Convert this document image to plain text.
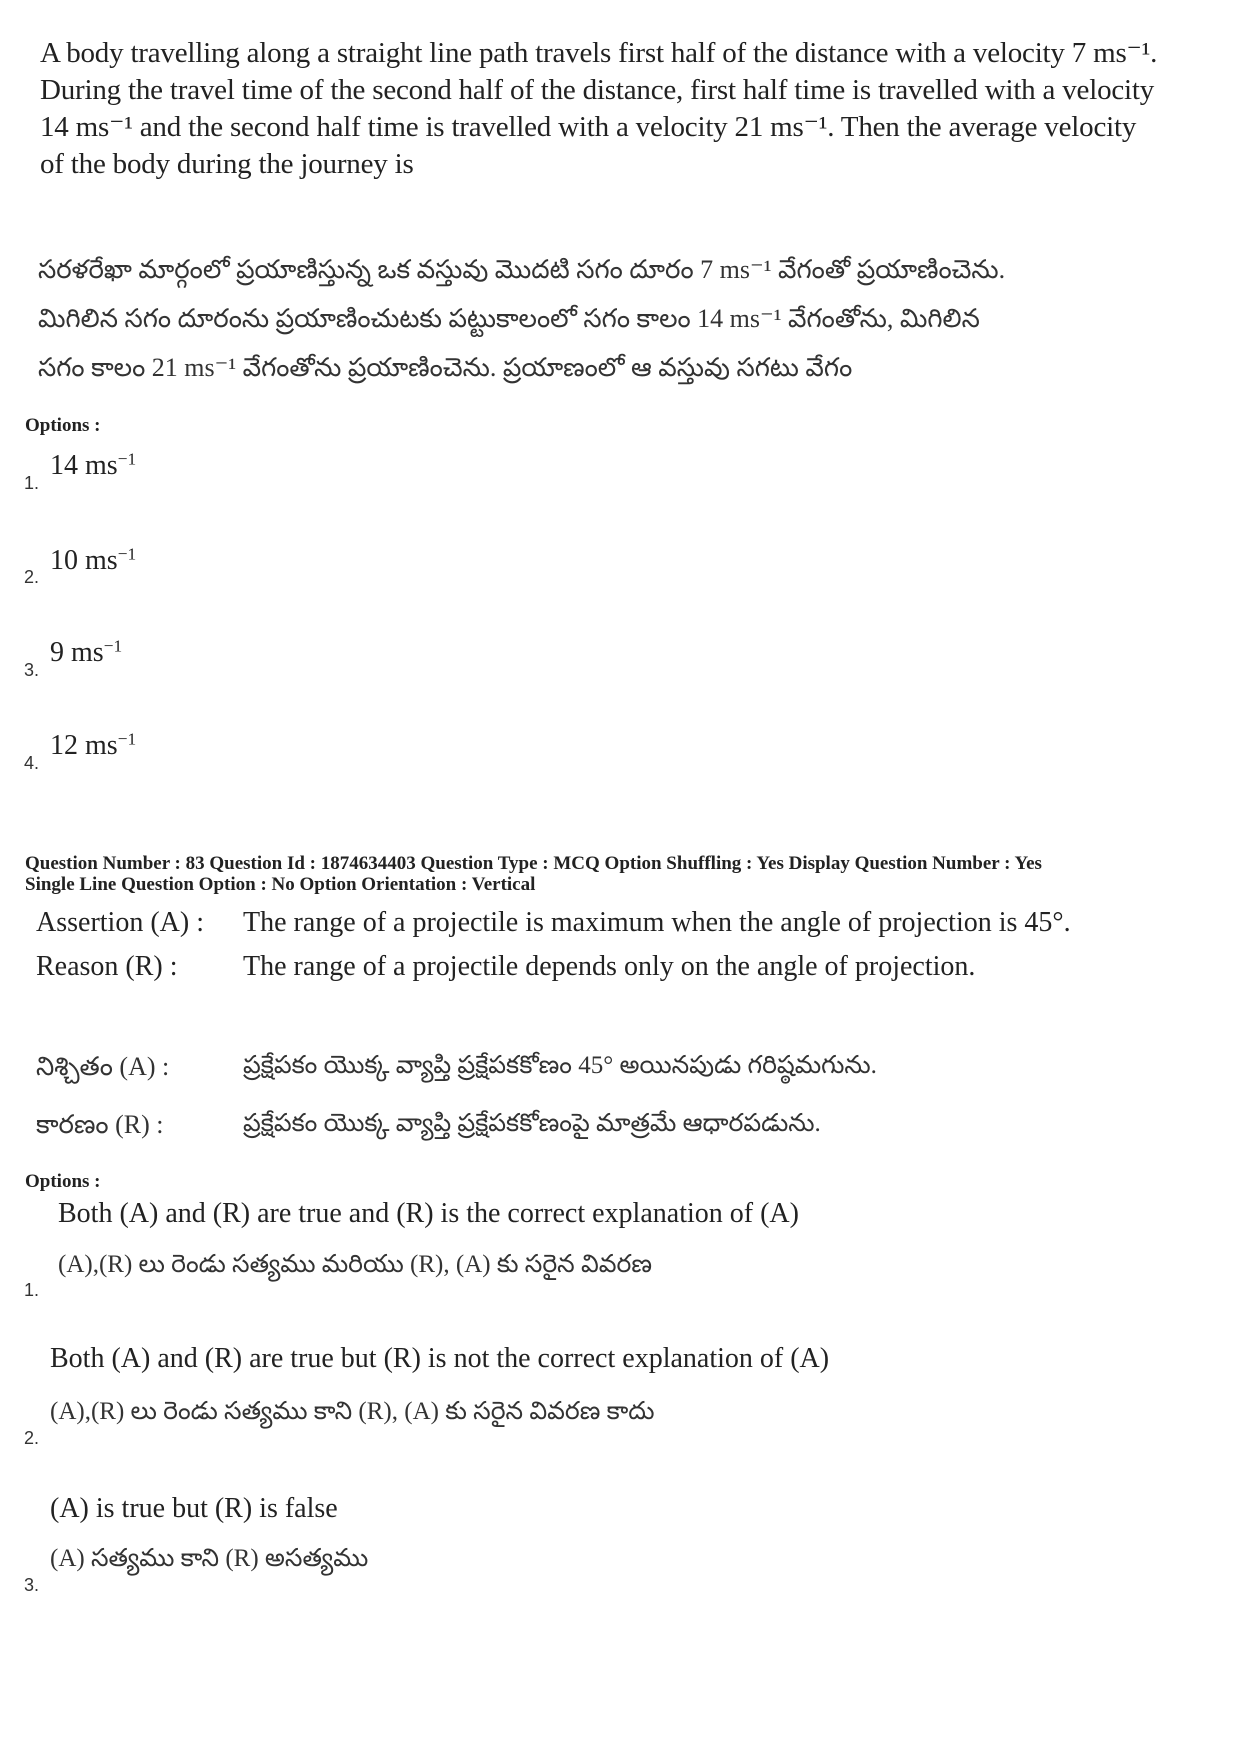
A body travelling along a straight line path travels first half of the distance with a velocity 7 ms⁻¹. During the travel time of the second half of the distance, first half time is travelled with a velocity 14 ms⁻¹ and the second half time is travelled with a velocity 21 ms⁻¹. Then the average velocity of the body during the journey is
సరళరేఖా మార్గంలో ప్రయాణిస్తున్న ఒక వస్తువు మొదటి సగం దూరం 7 ms⁻¹ వేగంతో ప్రయాణించెను.
మిగిలిన సగం దూరంను ప్రయాణించుటకు పట్టుకాలంలో సగం కాలం 14 ms⁻¹ వేగంతోను, మిగిలిన
సగం కాలం 21 ms⁻¹ వేగంతోను ప్రయాణించెను. ప్రయాణంలో ఆ వస్తువు సగటు వేగం
Options :
1.
14 $ms^{-1}$
2.
10 $ms^{-1}$
3.
9 $ms^{-1}$
4.
12 $ms^{-1}$
Question Number : 83 Question Id : 1874634403 Question Type : MCQ Option Shuffling : Yes Display Question Number : Yes
Single Line Question Option : No Option Orientation : Vertical
Assertion (A) : The range of a projectile is maximum when the angle of projection is 45°.
Reason (R) : The range of a projectile depends only on the angle of projection.
నిశ్చితం (A) :	ప్రక్షేపకం యొక్క వ్యాప్తి ప్రక్షేపకకోణం 45° అయినపుడు గరిష్ఠమగును.
కారణం (R) :	ప్రక్షేపకం యొక్క వ్యాప్తి ప్రక్షేపకకోణంపై మాత్రమే ఆధారపడును.
Options :
Both (A) and (R) are true and (R) is the correct explanation of (A)
(A),(R) లు రెండు సత్యము మరియు (R), (A) కు సరైన వివరణ
1.
Both (A) and (R) are true but (R) is not the correct explanation of (A)
(A),(R) లు రెండు సత్యము కాని (R), (A) కు సరైన వివరణ కాదు
2.
(A) is true but (R) is false
(A) సత్యము కాని (R) అసత్యము
3.
